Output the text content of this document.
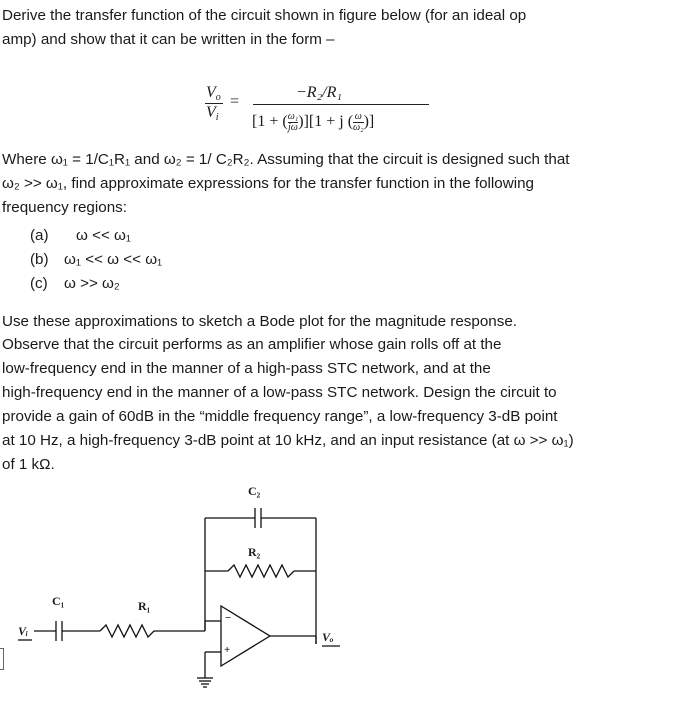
Derive the transfer function of the circuit shown in figure below (for an ideal op
amp) and show that it can be written in the form –
$V_o$
$V_i$
=
−R₂/R₁
[1 + ( $\frac{\text{ω₁}}{j\omega} )][1 + j$ ( $\frac{\omega}{\text{ω₂}}$ )]
Where ω₁ = 1/C₁R₁ and ω₂ = 1/ C₂R₂. Assuming that the circuit is designed such that
ω₂ >> ω₁, find approximate expressions for the transfer function in the following
frequency regions:
(a)	ω << ω₁
(b)	ω₁ << ω << ω₁
(c)	ω >> ω₂
Use these approximations to sketch a Bode plot for the magnitude response.
Observe that the circuit performs as an amplifier whose gain rolls off at the
low-frequency end in the manner of a high-pass STC network, and at the
high-frequency end in the manner of a low-pass STC network. Design the circuit to
provide a gain of 60dB in the “middle frequency range”, a low-frequency 3-dB point
at 10 Hz, a high-frequency 3-dB point at 10 kHz, and an input resistance (at ω >> ω₁)
of 1 kΩ.
C₂
R₂
C₁	R₁
Vᵢ	Vₒ
−
+
